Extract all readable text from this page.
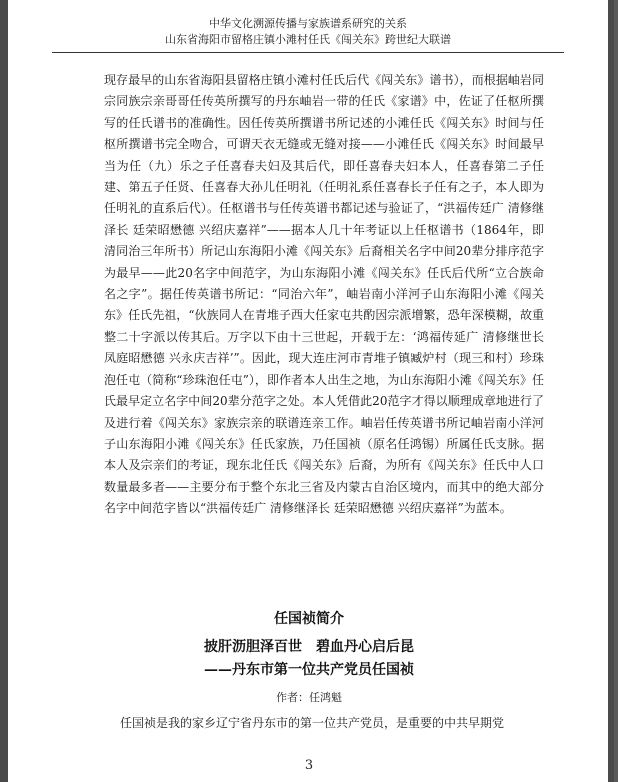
中华文化溯源传播与家族谱系研究的关系
山东省海阳市留格庄镇小滩村任氏《闯关东》跨世纪大联谱
现存最早的山东省海阳县留格庄镇小滩村任氏后代《闯关东》谱书），而根据岫岩同宗同族宗亲哥哥任传英所撰写的丹东岫岩一带的任氏《家谱》中，佐证了任枢所撰写的任氏谱书的准确性。因任传英所撰谱书所记述的小滩任氏《闯关东》时间与任枢所撰谱书完全吻合，可谓天衣无缝或无缝对接——小滩任氏《闯关东》时间最早当为任（九）乐之子任喜春夫妇及其后代，即任喜春夫妇本人，任喜春第二子任建、第五子任贤、任喜春大孙儿任明礼（任明礼系任喜春长子任有之子，本人即为任明礼的直系后代）。任枢谱书与任传英谱书都记述与验证了，“洪福传廷广 清修继泽长 廷荣昭懋德 兴绍庆嘉祥”——据本人几十年考证以上任枢谱书（1864年，即清同治三年所书）所记山东海阳小滩《闯关东》后裔相关名字中间20辈分排序范字为最早——此20名字中间范字，为山东海阳小滩《闯关东》任氏后代所“立合族命名之字”。据任传英谱书所记：“同治六年”，岫岩南小洋河子山东海阳小滩《闯关东》任氏先祖，“伙族同人在青堆子西大任家屯共酌因宗派增繁，恐年深模糊，故重整二十字派以传其后。万字以下由十三世起，开载于左：‘鸿福传延广 清修继世长 凤庭昭懋德 兴永庆吉祥’”。因此，现大连庄河市青堆子镇臧炉村（现三和村）珍珠泡任屯（简称“珍珠泡任屯”），即作者本人出生之地，为山东海阳小滩《闯关东》任氏最早定立名字中间20辈分范字之处。本人凭借此20范字才得以顺理成章地进行了及进行着《闯关东》家族宗亲的联谱连亲工作。岫岩任传英谱书所记岫岩南小洋河子山东海阳小滩《闯关东》任氏家族，乃任国祯（原名任鸿锡）所属任氏支脉。据本人及宗亲们的考证，现东北任氏《闯关东》后裔，为所有《闯关东》任氏中人口数量最多者——主要分布于整个东北三省及内蒙古自治区境内，而其中的绝大部分名字中间范字皆以“洪福传廷广 清修继泽长 廷荣昭懋德 兴绍庆嘉祥”为蓝本。
任国祯简介
披肝沥胆泽百世　碧血丹心启后昆
——丹东市第一位共产党员任国祯
作者：任鸿魁
任国祯是我的家乡辽宁省丹东市的第一位共产党员，是重要的中共早期党
3
